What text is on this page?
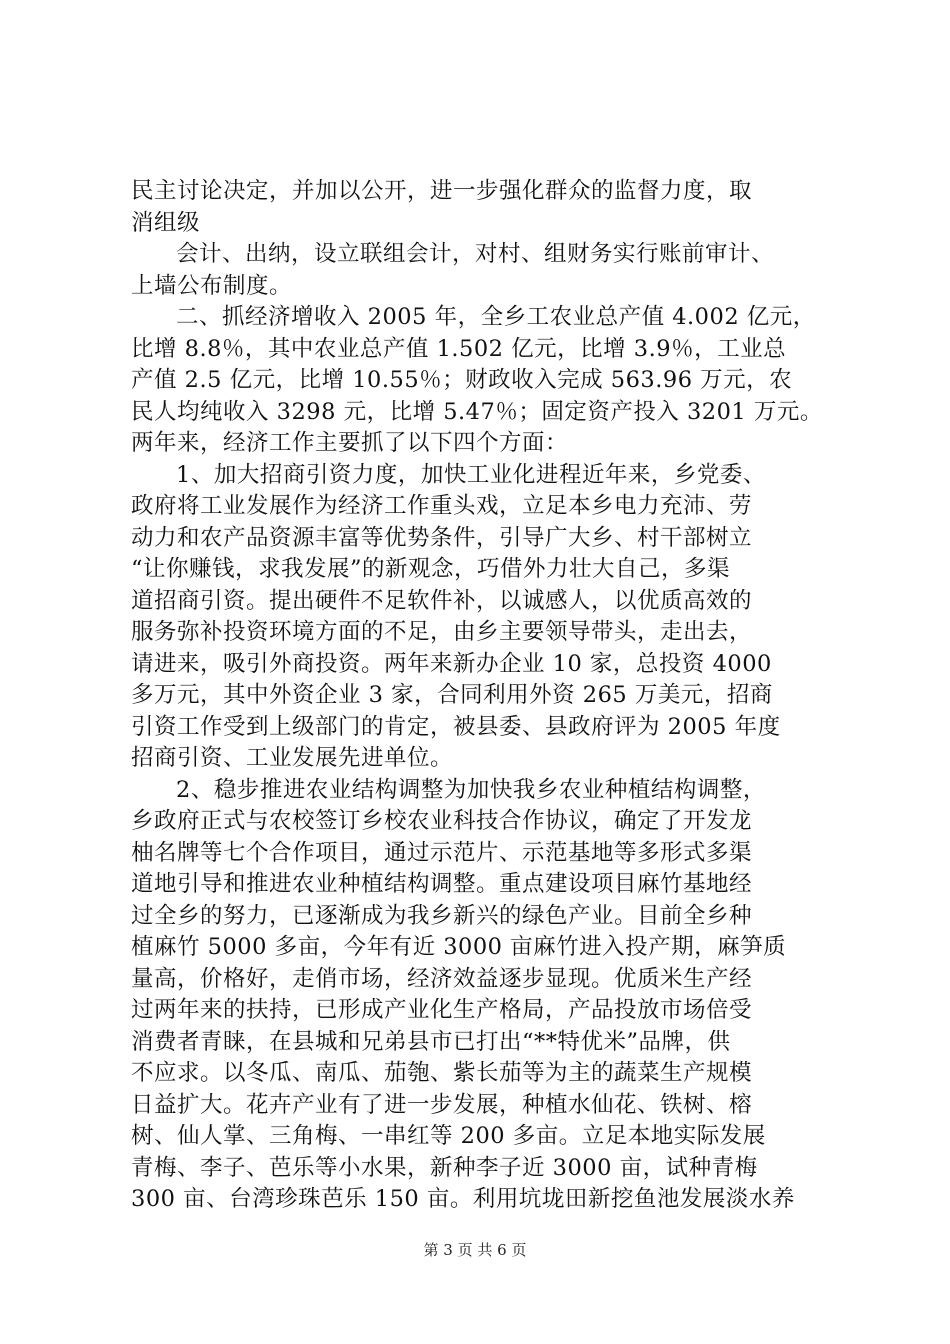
民主讨论决定，并加以公开，进一步强化群众的监督力度，取
消组级
会计、出纳，设立联组会计，对村、组财务实行账前审计、
上墙公布制度。
二、抓经济增收入 2005 年，全乡工农业总产值 4.002 亿元，
比增 8.8％，其中农业总产值 1.502 亿元，比增 3.9％，工业总
产值 2.5 亿元，比增 10.55％；财政收入完成 563.96 万元，农
民人均纯收入 3298 元，比增 5.47％；固定资产投入 3201 万元。
两年来，经济工作主要抓了以下四个方面：
1、加大招商引资力度，加快工业化进程近年来，乡党委、
政府将工业发展作为经济工作重头戏，立足本乡电力充沛、劳
动力和农产品资源丰富等优势条件，引导广大乡、村干部树立
“让你赚钱，求我发展”的新观念，巧借外力壮大自己，多渠
道招商引资。提出硬件不足软件补，以诚感人，以优质高效的
服务弥补投资环境方面的不足，由乡主要领导带头，走出去，
请进来，吸引外商投资。两年来新办企业 10 家，总投资 4000
多万元，其中外资企业 3 家，合同利用外资 265 万美元，招商
引资工作受到上级部门的肯定，被县委、县政府评为 2005 年度
招商引资、工业发展先进单位。
2、稳步推进农业结构调整为加快我乡农业种植结构调整，
乡政府正式与农校签订乡校农业科技合作协议，确定了开发龙
柚名牌等七个合作项目，通过示范片、示范基地等多形式多渠
道地引导和推进农业种植结构调整。重点建设项目麻竹基地经
过全乡的努力，已逐渐成为我乡新兴的绿色产业。目前全乡种
植麻竹 5000 多亩，今年有近 3000 亩麻竹进入投产期，麻笋质
量高，价格好，走俏市场，经济效益逐步显现。优质米生产经
过两年来的扶持，已形成产业化生产格局，产品投放市场倍受
消费者青睐，在县城和兄弟县市已打出“**特优米”品牌，供
不应求。以冬瓜、南瓜、茄匏、紫长茄等为主的蔬菜生产规模
日益扩大。花卉产业有了进一步发展，种植水仙花、铁树、榕
树、仙人掌、三角梅、一串红等 200 多亩。立足本地实际发展
青梅、李子、芭乐等小水果，新种李子近 3000 亩，试种青梅
300 亩、台湾珍珠芭乐 150 亩。利用坑垅田新挖鱼池发展淡水养
第 3 页 共 6 页
